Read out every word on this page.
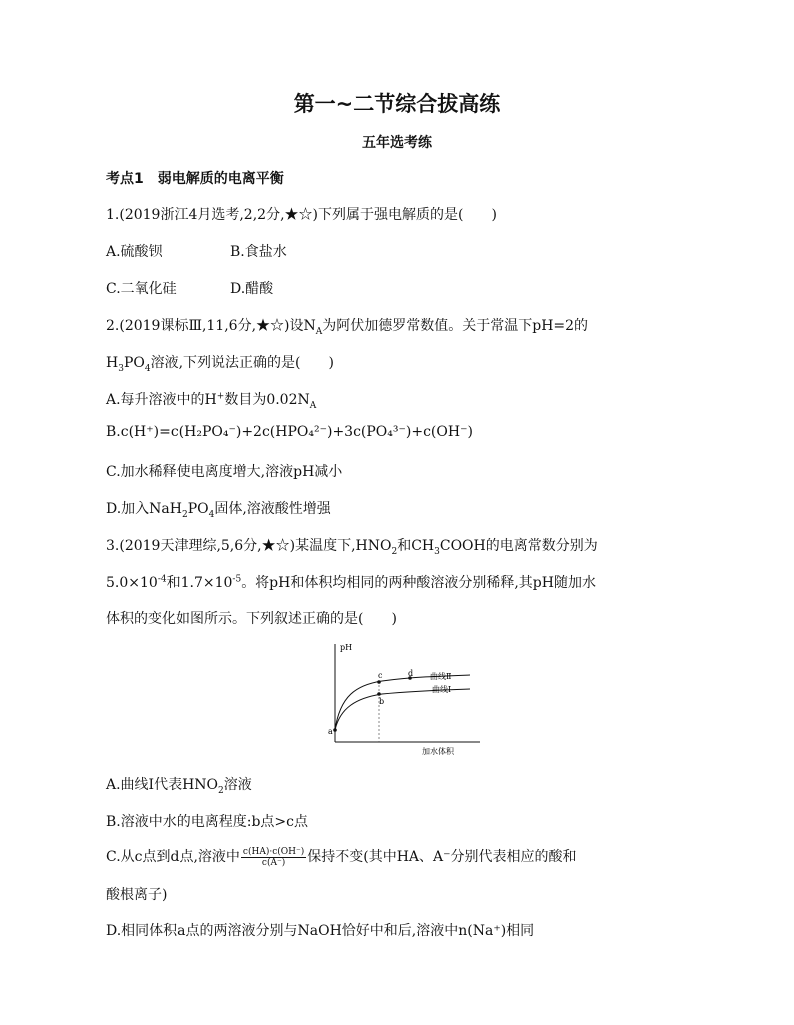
第一~二节综合拔高练
五年选考练
考点1　弱电解质的电离平衡
1.(2019浙江4月选考,2,2分,★☆)下列属于强电解质的是(　　)
A.硫酸钡	B.食盐水
C.二氧化硅	D.醋酸
2.(2019课标Ⅲ,11,6分,★☆)设$N_A$为阿伏加德罗常数值。关于常温下pH=2的
$H_3PO_4$溶液,下列说法正确的是(　　)
A.每升溶液中的H+数目为$0.02N_A$
B.c(H⁺)=c(H₂PO₄⁻)+2c(HPO₄²⁻)+3c(PO₄³⁻)+c(OH⁻)
C.加水稀释使电离度增大,溶液pH减小
D.加入$NaH_2PO_4$固体,溶液酸性增强
3.(2019天津理综,5,6分,★☆)某温度下$,HNO_2$和$CH_3COOH$的电离常数分别为
$5.0\times 10^{-4}$和$1.7\times 10^{-5}$。将pH和体积均相同的两种酸溶液分别稀释,其pH随加水
体积的变化如图所示。下列叙述正确的是(　　)
pH
加水体积
a
b
c	d 曲线Ⅱ
曲线Ⅰ
A.曲线Ⅰ代表$HNO_2$溶液
B.溶液中水的电离程度:b点>c点
C.从c点到d点,溶液中 $\frac{c(HA)\cdot c(OH^-)}{c(A^-)}$ 保持不变(其中HA、A⁻分别代表相应的酸和
酸根离子)
D.相同体积a点的两溶液分别与NaOH恰好中和后,溶液中n(Na⁺)相同
